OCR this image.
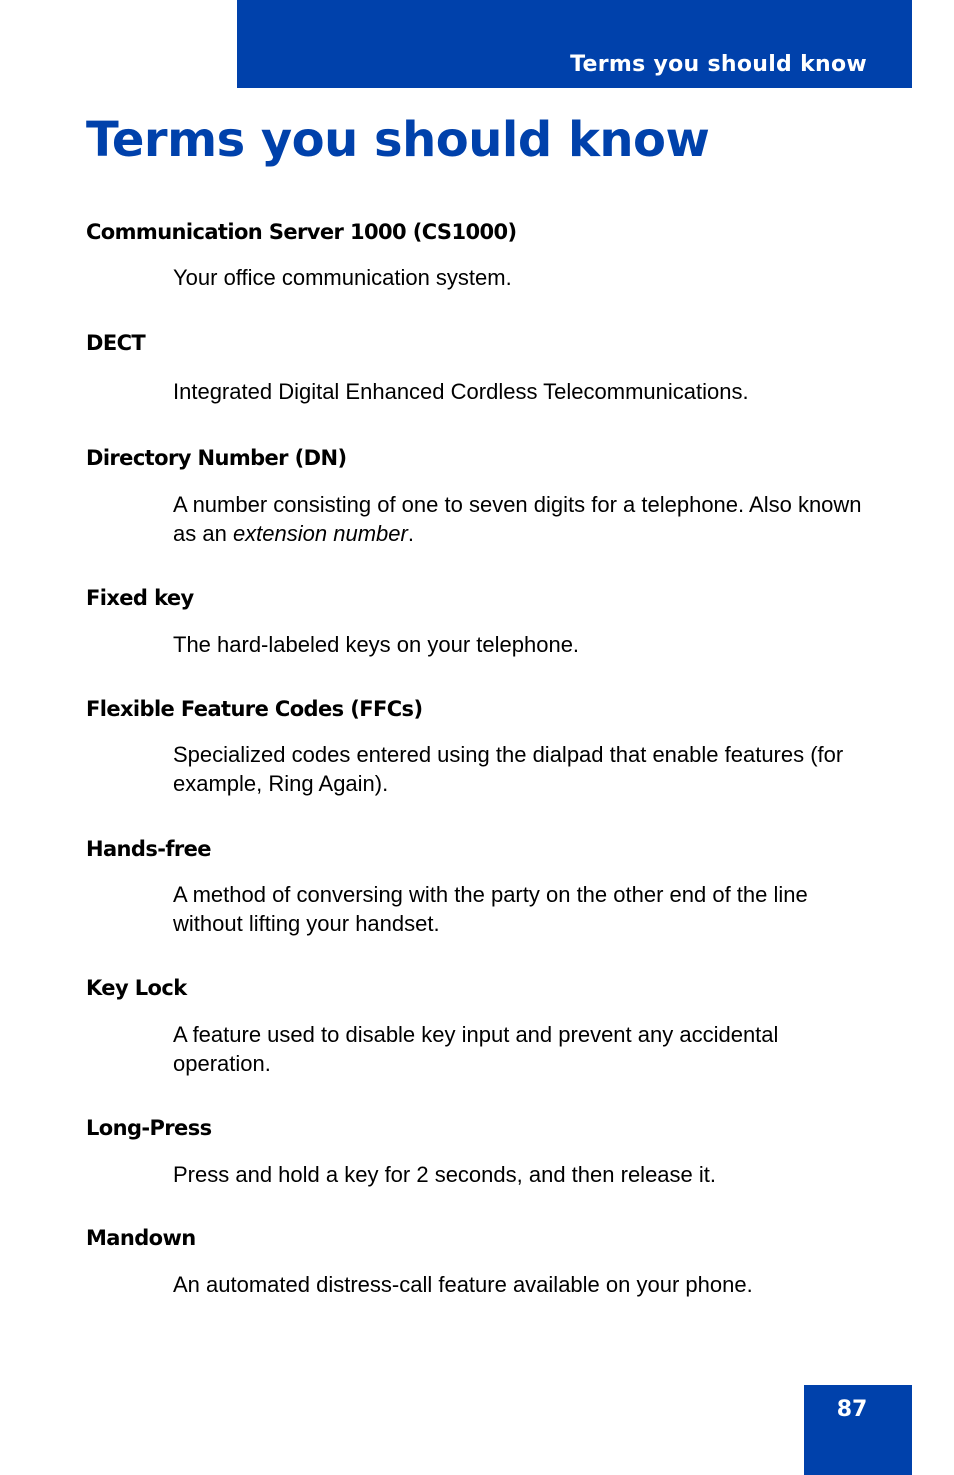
Terms you should know
Terms you should know
Communication Server 1000 (CS1000)

Your office communication system.

DECT

Integrated Digital Enhanced Cordless Telecommunications.

Directory Number (DN)

A number consisting of one to seven digits for a telephone. Also known as an extension number.

Fixed key

The hard-labeled keys on your telephone.

Flexible Feature Codes (FFCs)

Specialized codes entered using the dialpad that enable features (for example, Ring Again).

Hands-free

A method of conversing with the party on the other end of the line without lifting your handset.

Key Lock

A feature used to disable key input and prevent any accidental operation.

Long-Press

Press and hold a key for 2 seconds, and then release it.

Mandown

An automated distress-call feature available on your phone.

87
